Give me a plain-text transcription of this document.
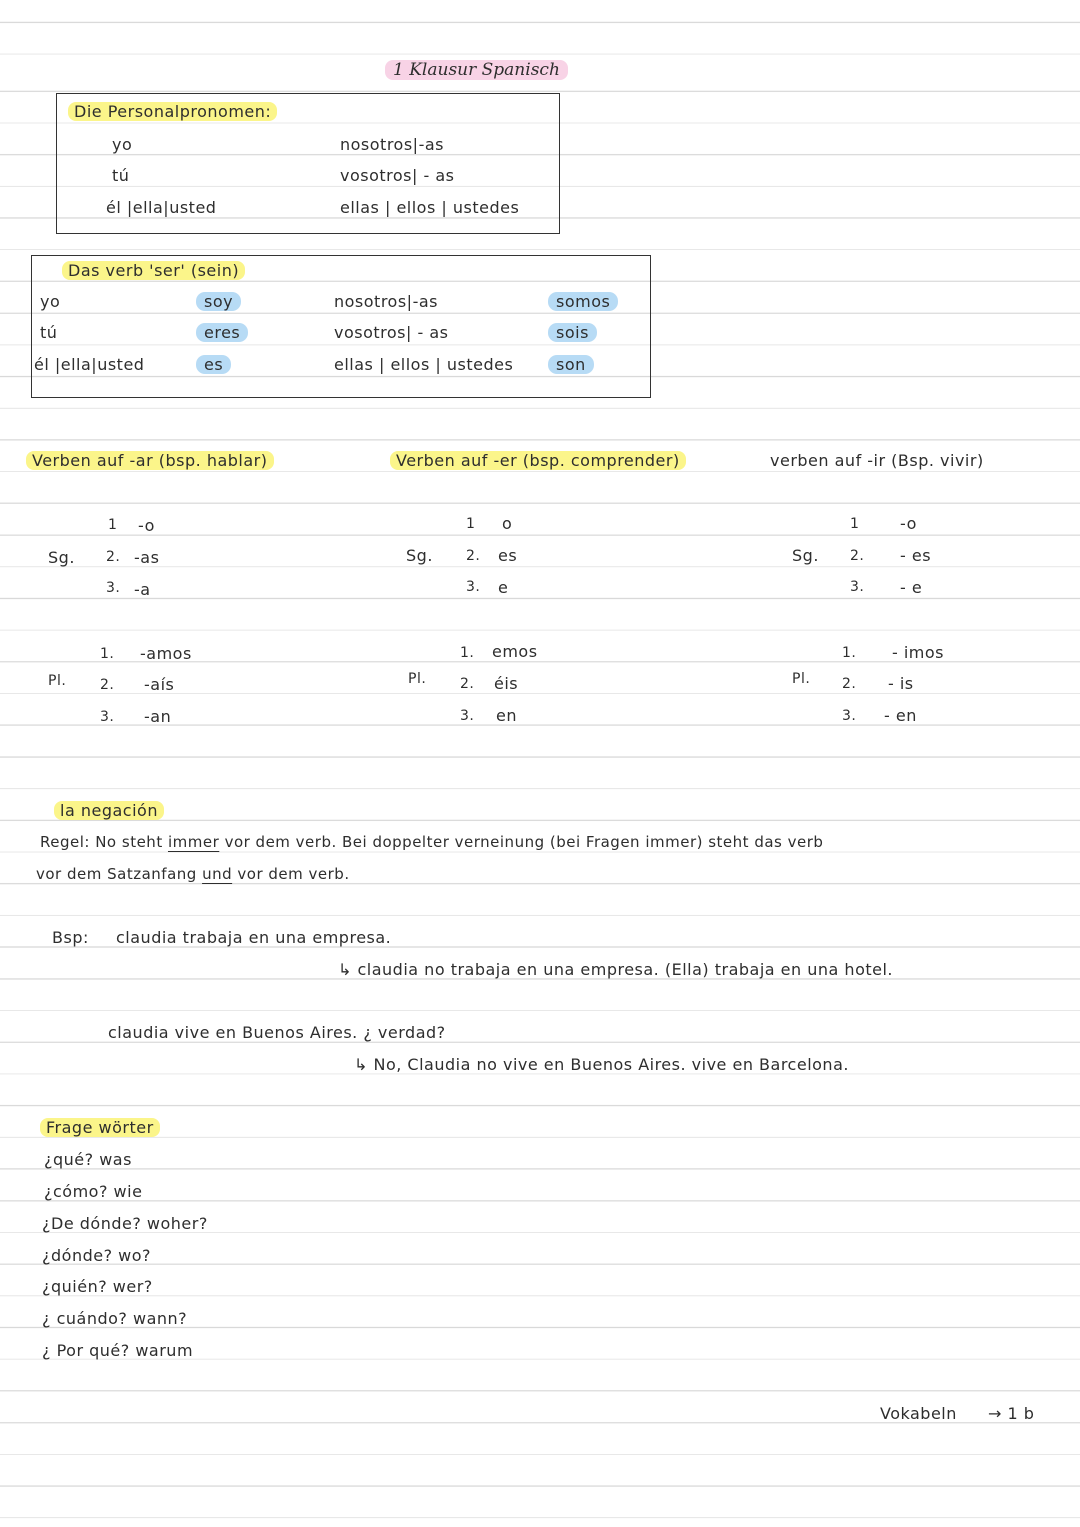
1 Klausur Spanisch
Die Personalpronomen:
yo	nosotros|-as
tú	vosotros| - as
él |ella|usted	ellas | ellos | ustedes
Das verb 'ser' (sein)
yo	soy	nosotros|-as	somos
tú	eres	vosotros| - as	sois
él |ella|usted	es	ellas | ellos | ustedes	son
Verben auf -ar (bsp. hablar)
Sg.
1 -o
2. -as
3. -a
Pl.
1. -amos
2. -aís
3. -an
Verben auf -er (bsp. comprender)
Sg.
1 o
2. es
3. e
Pl.
1. emos
2. éis
3. en
verben auf -ir (Bsp. vivir)
Sg.
1	-o
2. - es
3. - e
Pl.
1. - imos
2. - is
3. - en
la negación
Regel: No steht immer vor dem verb. Bei doppelter verneinung (bei Fragen immer) steht das verb
vor dem Satzanfang und vor dem verb.
Bsp: claudia trabaja en una empresa.
↳ claudia no trabaja en una empresa. (Ella) trabaja en una hotel.
claudia vive en Buenos Aires. ¿ verdad?
↳ No, Claudia no vive en Buenos Aires. vive en Barcelona.
Frage wörter
¿qué? was
¿cómo? wie
¿De dónde? woher?
¿dónde? wo?
¿quién? wer?
¿ cuándo? wann?
¿ Por qué? warum
Vokabeln → 1 b
